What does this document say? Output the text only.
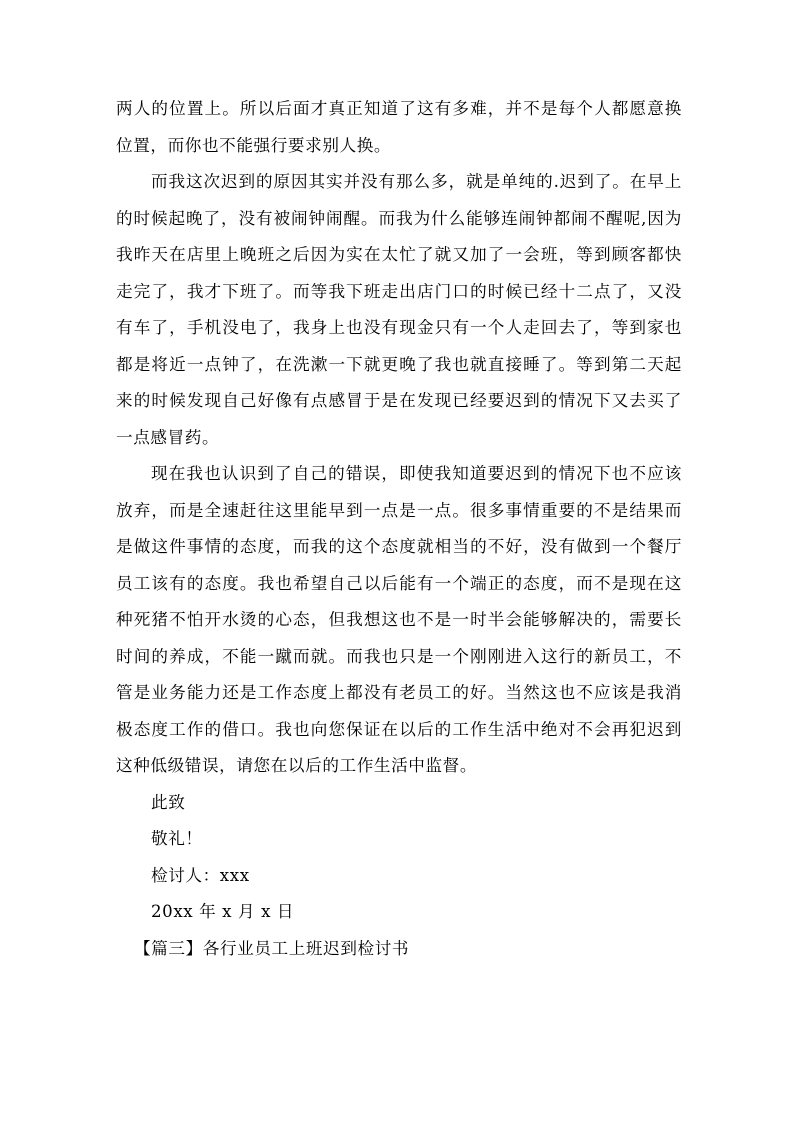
两人的位置上。所以后面才真正知道了这有多难，并不是每个人都愿意换位置，而你也不能强行要求别人换。

而我这次迟到的原因其实并没有那么多，就是单纯的.迟到了。在早上的时候起晚了，没有被闹钟闹醒。而我为什么能够连闹钟都闹不醒呢,因为我昨天在店里上晚班之后因为实在太忙了就又加了一会班，等到顾客都快走完了，我才下班了。而等我下班走出店门口的时候已经十二点了，又没有车了，手机没电了，我身上也没有现金只有一个人走回去了，等到家也都是将近一点钟了，在洗漱一下就更晚了我也就直接睡了。等到第二天起来的时候发现自己好像有点感冒于是在发现已经要迟到的情况下又去买了一点感冒药。

现在我也认识到了自己的错误，即使我知道要迟到的情况下也不应该放弃，而是全速赶往这里能早到一点是一点。很多事情重要的不是结果而是做这件事情的态度，而我的这个态度就相当的不好，没有做到一个餐厅员工该有的态度。我也希望自己以后能有一个端正的态度，而不是现在这种死猪不怕开水烫的心态，但我想这也不是一时半会能够解决的，需要长时间的养成，不能一蹴而就。而我也只是一个刚刚进入这行的新员工，不管是业务能力还是工作态度上都没有老员工的好。当然这也不应该是我消极态度工作的借口。我也向您保证在以后的工作生活中绝对不会再犯迟到这种低级错误，请您在以后的工作生活中监督。

此致

敬礼！

检讨人：xxx

20xx 年 x 月 x 日

【篇三】各行业员工上班迟到检讨书
